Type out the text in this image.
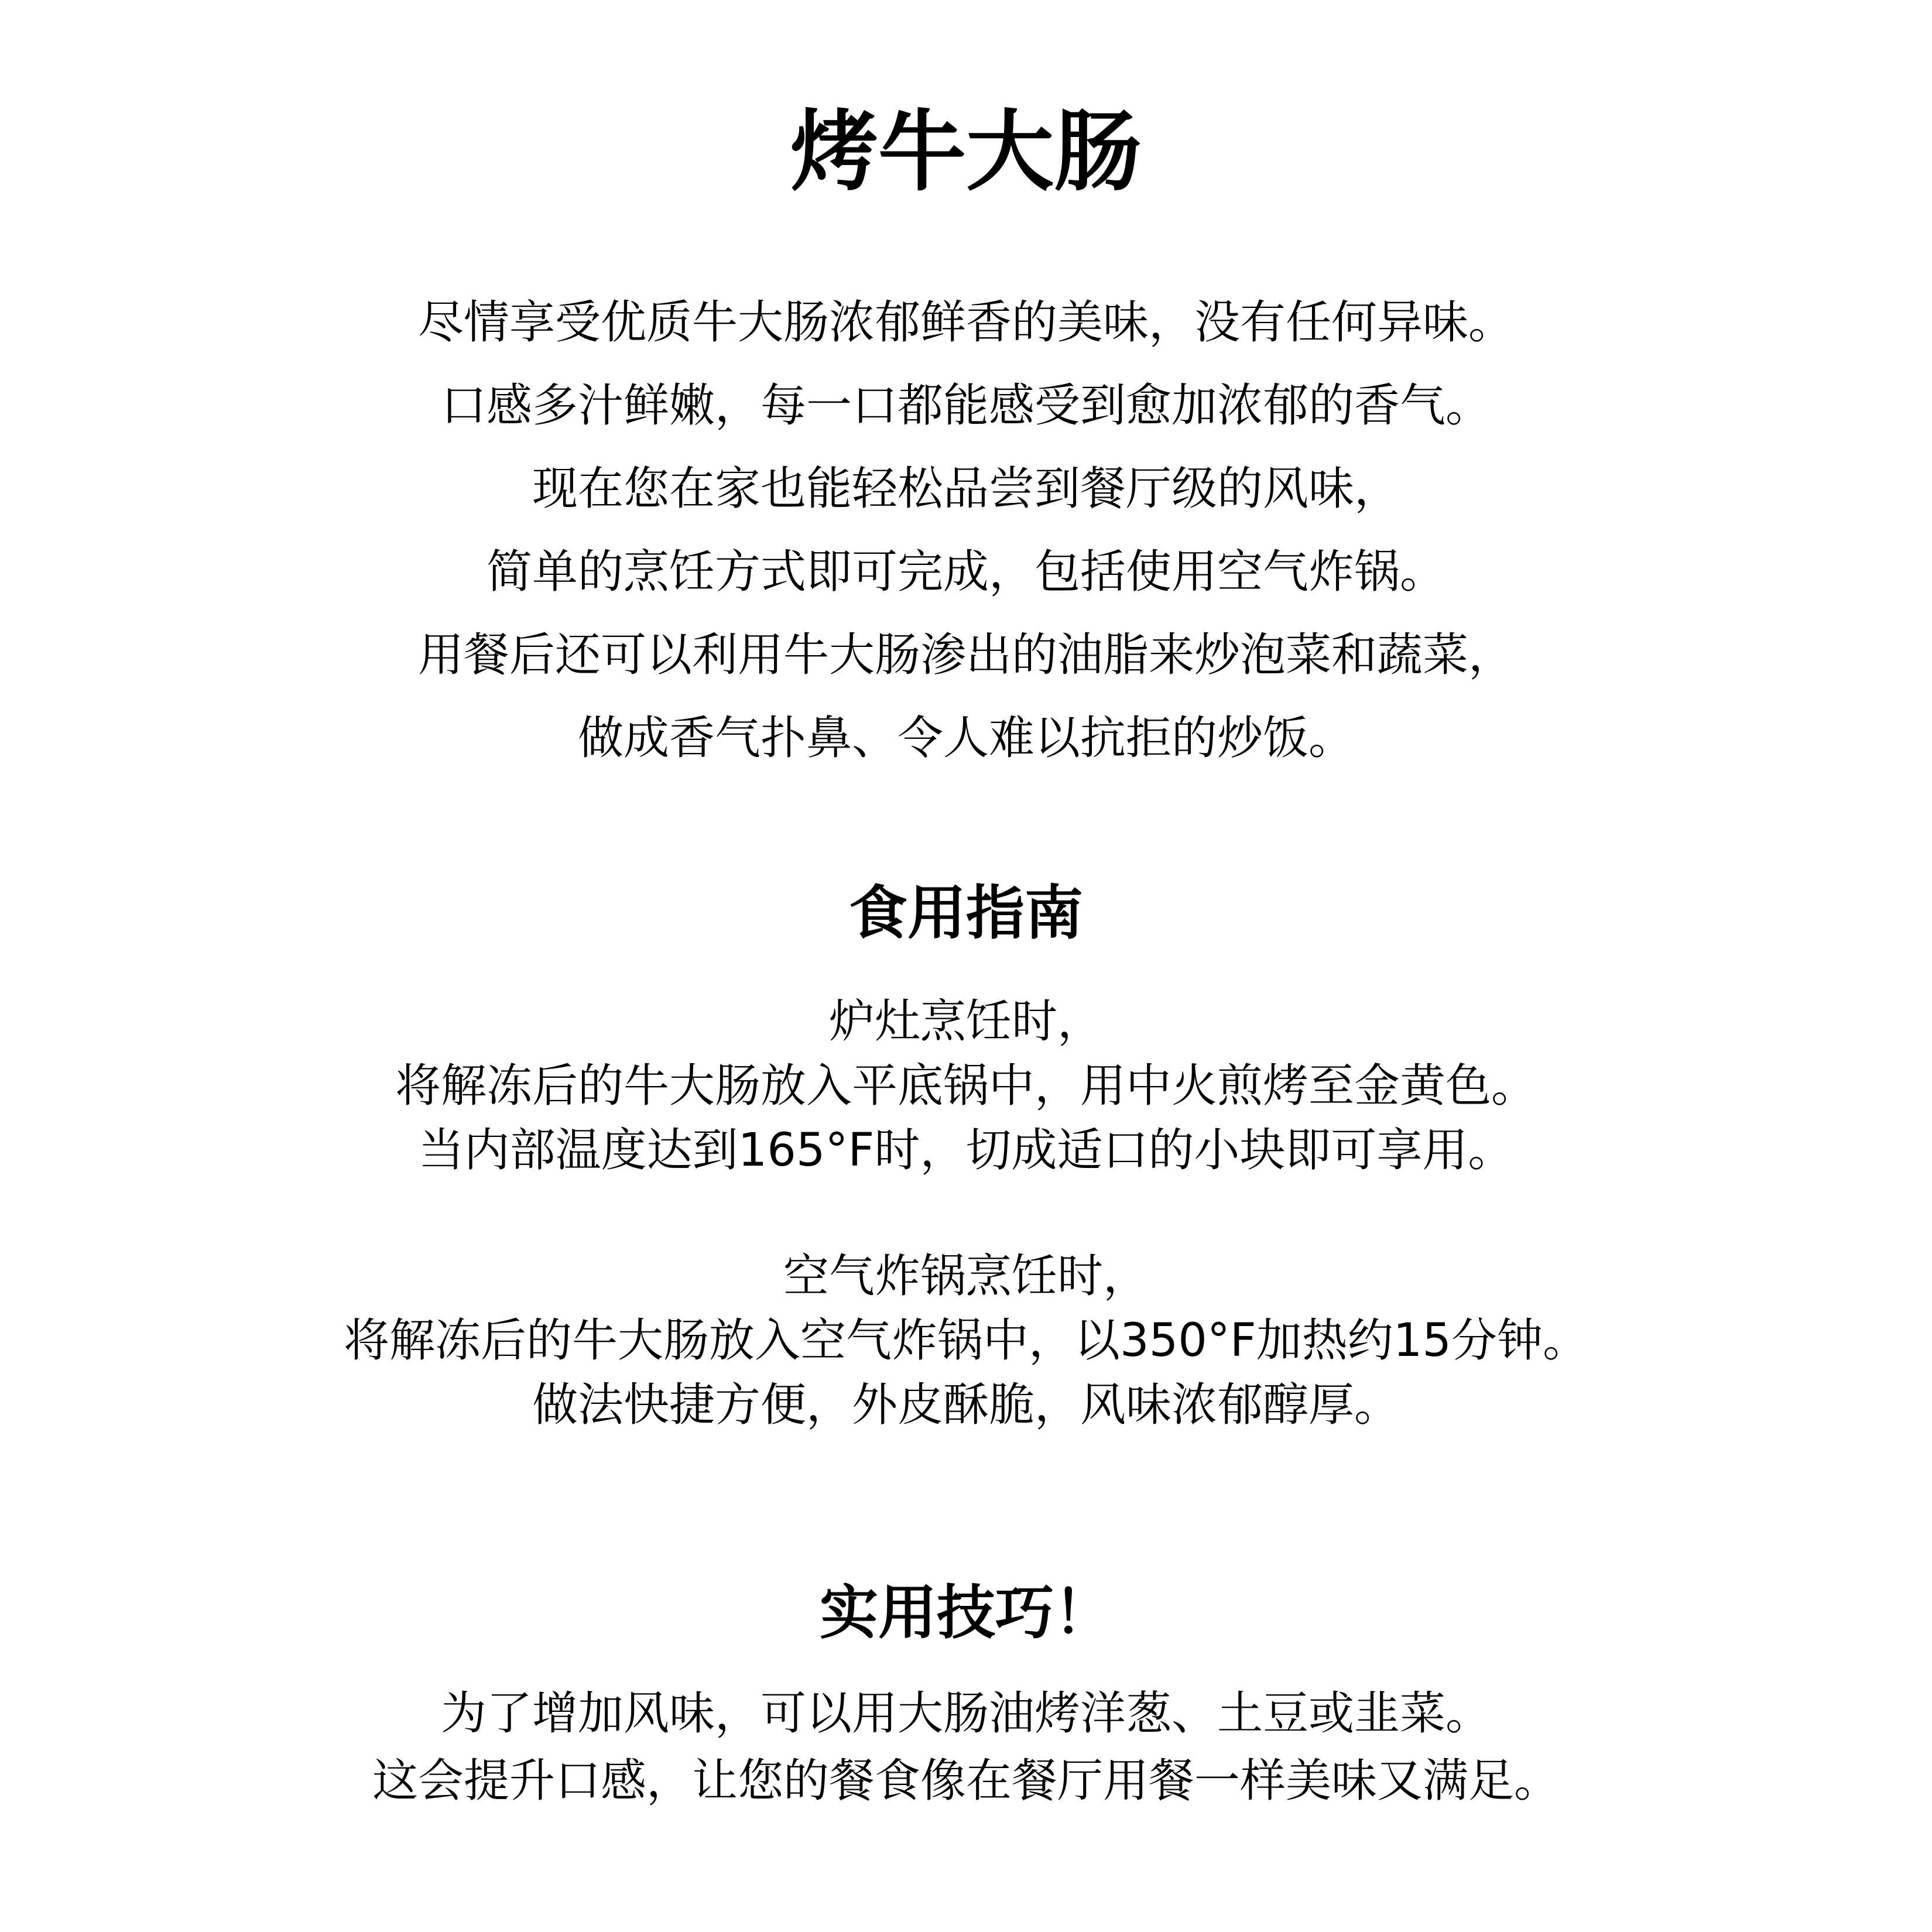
烤牛大肠
尽情享受优质牛大肠浓郁鲜香的美味，没有任何异味。
口感多汁鲜嫩，每一口都能感受到愈加浓郁的香气。
现在您在家也能轻松品尝到餐厅级的风味，
简单的烹饪方式即可完成，包括使用空气炸锅。
用餐后还可以利用牛大肠渗出的油脂来炒泡菜和蔬菜，
做成香气扑鼻、令人难以抗拒的炒饭。
食用指南
炉灶烹饪时，
将解冻后的牛大肠放入平底锅中，用中火煎烤至金黄色。
当内部温度达到165°F时，切成适口的小块即可享用。
空气炸锅烹饪时，
将解冻后的牛大肠放入空气炸锅中，以350°F加热约15分钟。
做法快捷方便，外皮酥脆，风味浓郁醇厚。
实用技巧！
为了增加风味，可以用大肠油烤洋葱、土豆或韭菜。
这会提升口感，让您的餐食像在餐厅用餐一样美味又满足。
